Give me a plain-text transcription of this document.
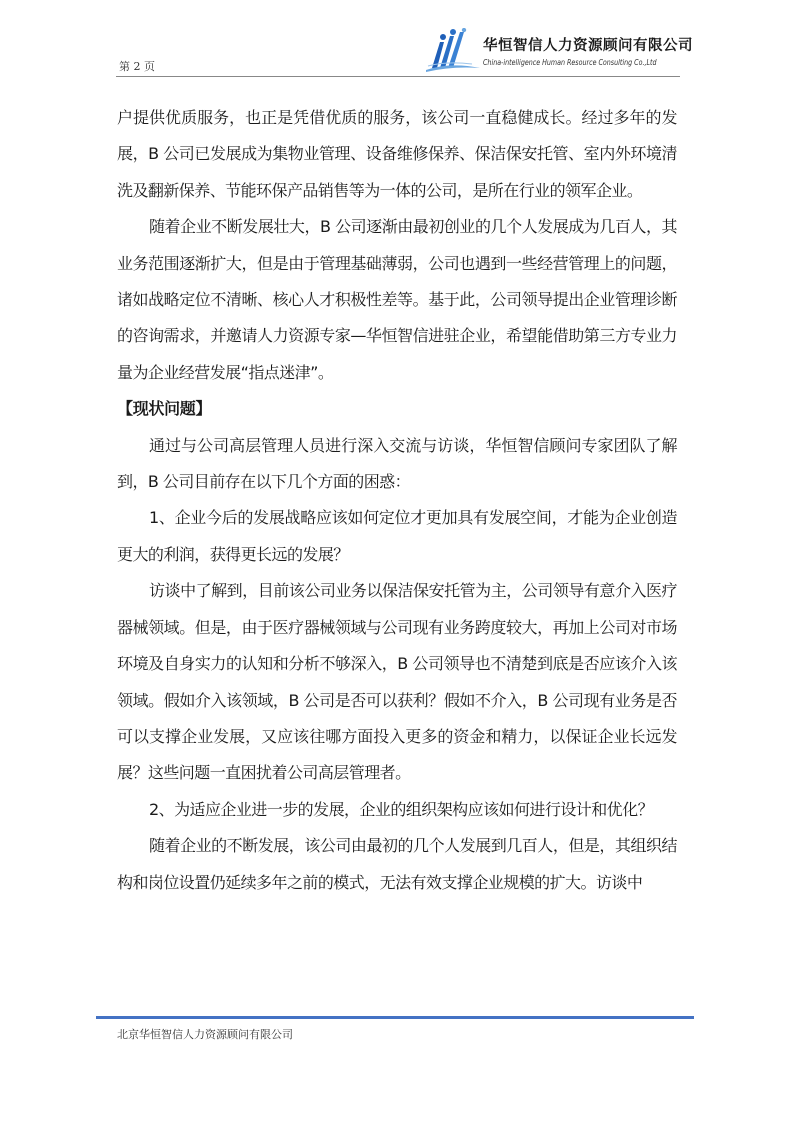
第 2 页
华恒智信人力资源顾问有限公司
China-intelligence Human Resource Consulting Co.,Ltd

户提供优质服务，也正是凭借优质的服务，该公司一直稳健成长。经过多年的发展，B 公司已发展成为集物业管理、设备维修保养、保洁保安托管、室内外环境清洗及翻新保养、节能环保产品销售等为一体的公司，是所在行业的领军企业。

随着企业不断发展壮大，B 公司逐渐由最初创业的几个人发展成为几百人，其业务范围逐渐扩大，但是由于管理基础薄弱，公司也遇到一些经营管理上的问题，诸如战略定位不清晰、核心人才积极性差等。基于此，公司领导提出企业管理诊断的咨询需求，并邀请人力资源专家—华恒智信进驻企业，希望能借助第三方专业力量为企业经营发展“指点迷津”。

【现状问题】

通过与公司高层管理人员进行深入交流与访谈，华恒智信顾问专家团队了解到，B 公司目前存在以下几个方面的困惑：

1、企业今后的发展战略应该如何定位才更加具有发展空间，才能为企业创造更大的利润，获得更长远的发展？

访谈中了解到，目前该公司业务以保洁保安托管为主，公司领导有意介入医疗器械领域。但是，由于医疗器械领域与公司现有业务跨度较大，再加上公司对市场环境及自身实力的认知和分析不够深入，B 公司领导也不清楚到底是否应该介入该领域。假如介入该领域，B 公司是否可以获利？假如不介入，B 公司现有业务是否可以支撑企业发展，又应该往哪方面投入更多的资金和精力，以保证企业长远发展？这些问题一直困扰着公司高层管理者。

2、为适应企业进一步的发展，企业的组织架构应该如何进行设计和优化？

随着企业的不断发展，该公司由最初的几个人发展到几百人，但是，其组织结构和岗位设置仍延续多年之前的模式，无法有效支撑企业规模的扩大。访谈中

北京华恒智信人力资源顾问有限公司
